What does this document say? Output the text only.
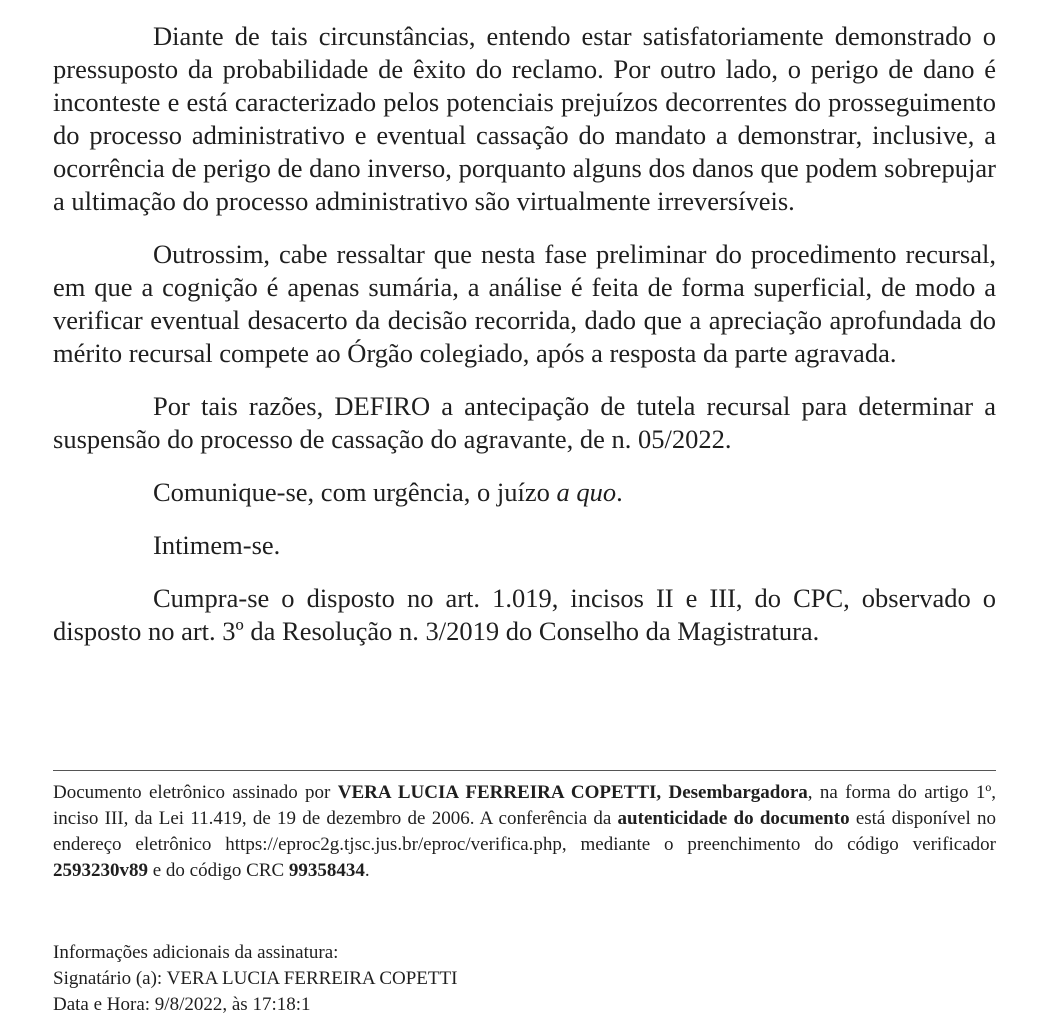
Diante de tais circunstâncias, entendo estar satisfatoriamente demonstrado o pressuposto da probabilidade de êxito do reclamo. Por outro lado, o perigo de dano é inconteste e está caracterizado pelos potenciais prejuízos decorrentes do prosseguimento do processo administrativo e eventual cassação do mandato a demonstrar, inclusive, a ocorrência de perigo de dano inverso, porquanto alguns dos danos que podem sobrepujar a ultimação do processo administrativo são virtualmente irreversíveis.

Outrossim, cabe ressaltar que nesta fase preliminar do procedimento recursal, em que a cognição é apenas sumária, a análise é feita de forma superficial, de modo a verificar eventual desacerto da decisão recorrida, dado que a apreciação aprofundada do mérito recursal compete ao Órgão colegiado, após a resposta da parte agravada.

Por tais razões, DEFIRO a antecipação de tutela recursal para determinar a suspensão do processo de cassação do agravante, de n. 05/2022.

Comunique-se, com urgência, o juízo a quo.

Intimem-se.

Cumpra-se o disposto no art. 1.019, incisos II e III, do CPC, observado o disposto no art. 3º da Resolução n. 3/2019 do Conselho da Magistratura.

Documento eletrônico assinado por VERA LUCIA FERREIRA COPETTI, Desembargadora, na forma do artigo 1º, inciso III, da Lei 11.419, de 19 de dezembro de 2006. A conferência da autenticidade do documento está disponível no endereço eletrônico https://eproc2g.tjsc.jus.br/eproc/verifica.php, mediante o preenchimento do código verificador 2593230v89 e do código CRC 99358434.
Informações adicionais da assinatura:
Signatário (a): VERA LUCIA FERREIRA COPETTI
Data e Hora: 9/8/2022, às 17:18:1
